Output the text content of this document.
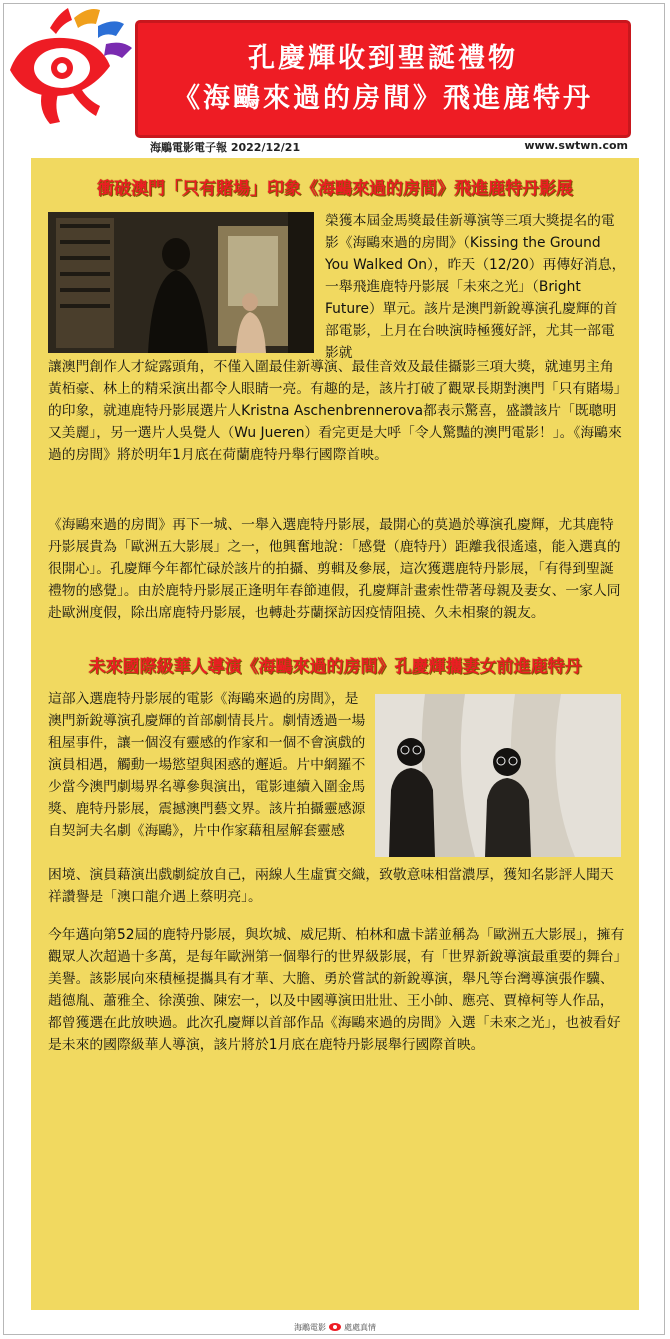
孔慶輝收到聖誕禮物
《海鷗來過的房間》飛進鹿特丹
海鵰電影電子報 2022/12/21	www.swtwn.com
衝破澳門「只有賭場」印象《海鷗來過的房間》飛進鹿特丹影展

榮獲本屆金馬獎最佳新導演等三項大獎提名的電影《海鷗來過的房間》（Kissing the Ground You Walked On），昨天（12/20）再傳好消息，一舉飛進鹿特丹影展「未來之光」（Bright Future）單元。該片是澳門新銳導演孔慶輝的首部電影，上月在台映演時極獲好評，尤其一部電影就

讓澳門創作人才綻露頭角，不僅入圍最佳新導演、最佳音效及最佳攝影三項大獎，就連男主角黃栢豪、林上的精采演出都令人眼睛一亮。有趣的是，該片打破了觀眾長期對澳門「只有賭場」的印象，就連鹿特丹影展選片人Kristna Aschenbrennerova都表示驚喜，盛讚該片「既聰明又美麗」，另一選片人吳覺人（Wu Jueren）看完更是大呼「令人驚豔的澳門電影！」。《海鷗來過的房間》將於明年1月底在荷蘭鹿特丹舉行國際首映。

《海鷗來過的房間》再下一城、一舉入選鹿特丹影展，最開心的莫過於導演孔慶輝，尤其鹿特丹影展貴為「歐洲五大影展」之一，他興奮地說：「感覺（鹿特丹）距離我很遙遠，能入選真的很開心」。孔慶輝今年都忙碌於該片的拍攝、剪輯及參展，這次獲選鹿特丹影展，「有得到聖誕禮物的感覺」。由於鹿特丹影展正逢明年春節連假，孔慶輝計畫索性帶著母親及妻女、一家人同赴歐洲度假，除出席鹿特丹影展，也轉赴芬蘭探訪因疫情阻撓、久未相聚的親友。

未來國際級華人導演《海鷗來過的房間》孔慶輝攜妻女前進鹿特丹

這部入選鹿特丹影展的電影《海鷗來過的房間》，是澳門新銳導演孔慶輝的首部劇情長片。劇情透過一場租屋事件，讓一個沒有靈感的作家和一個不會演戲的演員相遇，觸動一場慾望與困惑的邂逅。片中網羅不少當今澳門劇場界名導參與演出，電影連續入圍金馬獎、鹿特丹影展，震撼澳門藝文界。該片拍攝靈感源自契訶夫名劇《海鷗》，片中作家藉租屋解套靈感

困境、演員藉演出戲劇綻放自己，兩線人生虛實交織，致敬意味相當濃厚，獲知名影評人聞天祥讚譽是「澳口龍介遇上蔡明亮」。

今年邁向第52屆的鹿特丹影展，與坎城、威尼斯、柏林和盧卡諾並稱為「歐洲五大影展」，擁有觀眾人次超過十多萬，是每年歐洲第一個舉行的世界級影展，有「世界新銳導演最重要的舞台」美譽。該影展向來積極提攜具有才華、大膽、勇於嘗試的新銳導演，舉凡等台灣導演張作驥、趙德胤、蕭雅全、徐漢強、陳宏一，以及中國導演田壯壯、王小帥、應亮、賈樟柯等人作品，都曾獲選在此放映過。此次孔慶輝以首部作品《海鷗來過的房間》入選「未來之光」，也被看好是未來的國際級華人導演，該片將於1月底在鹿特丹影展舉行國際首映。

海鵰電影 處處真情
